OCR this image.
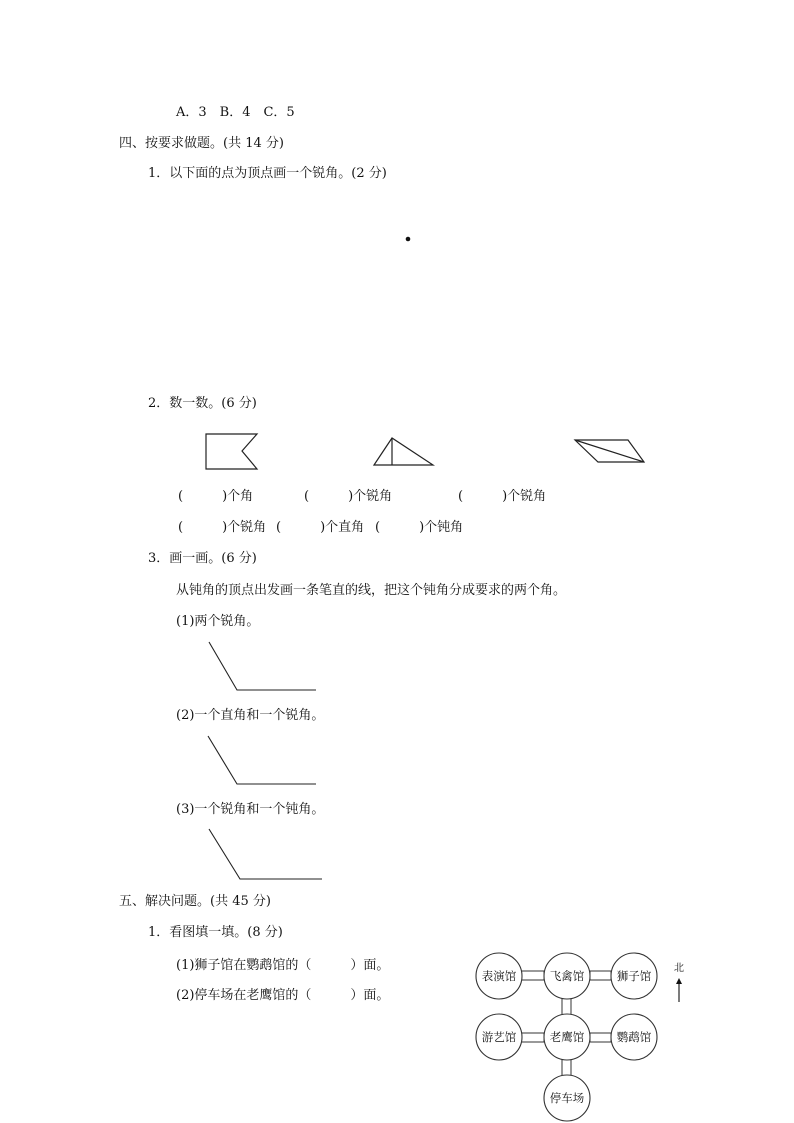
A．3　B．4　C．5
四、按要求做题。(共 14 分)
1．以下面的点为顶点画一个锐角。(2 分)
2．数一数。(6 分)
(　　　)个角	(　　　)个锐角	(　　　)个锐角
(　　　)个锐角 (　　　)个直角 (　　　)个钝角
3．画一画。(6 分)
从钝角的顶点出发画一条笔直的线，把这个钝角分成要求的两个角。
(1)两个锐角。
(2)一个直角和一个锐角。
(3)一个锐角和一个钝角。
五、解决问题。(共 45 分)
1．看图填一填。(8 分)
(1)狮子馆在鹦鹉馆的（　　　）面。
(2)停车场在老鹰馆的（　　　）面。
表演馆	飞禽馆	狮子馆
游艺馆	老鹰馆	鹦鹉馆
停车场
北
